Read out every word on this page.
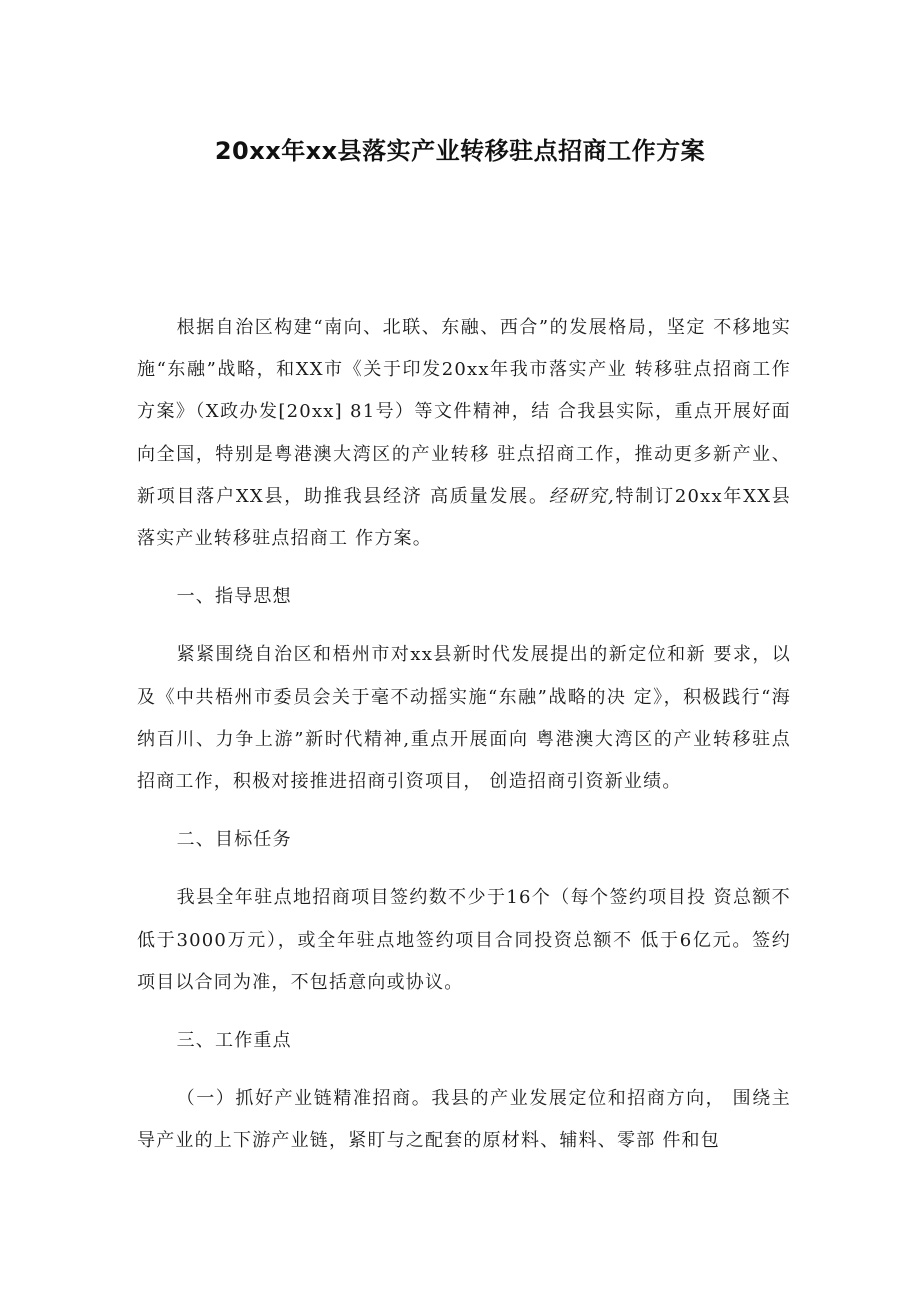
20xx年xx县落实产业转移驻点招商工作方案

根据自治区构建“南向、北联、东融、西合”的发展格局，坚定 不移地实施“东融”战略，和XX市《关于印发20xx年我市落实产业 转移驻点招商工作方案》（X政办发[20xx] 81号）等文件精神，结 合我县实际，重点开展好面向全国，特别是粤港澳大湾区的产业转移 驻点招商工作，推动更多新产业、新项目落户XX县，助推我县经济 高质量发展。经研究,特制订20xx年XX县落实产业转移驻点招商工 作方案。

一、指导思想

紧紧围绕自治区和梧州市对xx县新时代发展提出的新定位和新 要求，以及《中共梧州市委员会关于毫不动摇实施“东融”战略的决 定》，积极践行“海纳百川、力争上游”新时代精神,重点开展面向 粤港澳大湾区的产业转移驻点招商工作，积极对接推进招商引资项目， 创造招商引资新业绩。

二、目标任务

我县全年驻点地招商项目签约数不少于16个（每个签约项目投 资总额不低于3000万元），或全年驻点地签约项目合同投资总额不 低于6亿元。签约项目以合同为准，不包括意向或协议。

三、工作重点

（一）抓好产业链精准招商。我县的产业发展定位和招商方向， 围绕主导产业的上下游产业链，紧盯与之配套的原材料、辅料、零部 件和包
